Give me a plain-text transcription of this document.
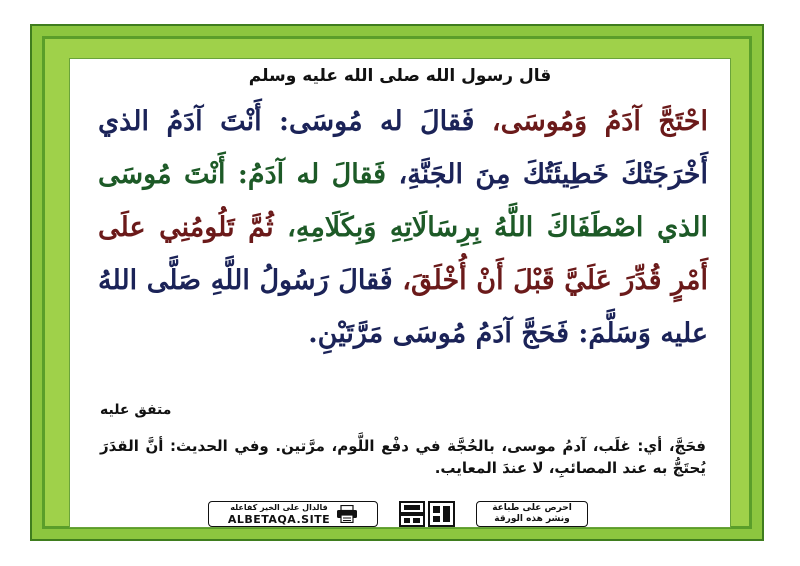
قال رسول الله صلى الله عليه وسلم
احْتَجَّ آدَمُ وَمُوسَى، فَقالَ له مُوسَى: أَنْتَ آدَمُ الذي أَخْرَجَتْكَ خَطِيئَتُكَ مِنَ الجَنَّةِ، فَقالَ له آدَمُ: أَنْتَ مُوسَى الذي اصْطَفَاكَ اللَّهُ بِرِسَالَاتِهِ وَبِكَلَامِهِ، ثُمَّ تَلُومُنِي علَى أَمْرٍ قُدِّرَ عَلَيَّ قَبْلَ أَنْ أُخْلَقَ، فَقالَ رَسُولُ اللَّهِ صَلَّى اللهُ عليه وَسَلَّمَ: فَحَجَّ آدَمُ مُوسَى مَرَّتَيْنِ.
متفق عليه
فحَجَّ، أي: غلَب، آدمُ موسى، بالحُجَّة في دفْع اللَّوم، مرَّتين. وفي الحديث: أنَّ القدَرَ يُحتَجُّ به عند المصائبِ، لا عندَ المعايب.
فالدال على الخير كفاعله
ALBETAQA.SITE
احرص على طباعة
ونشر هذه الورقة
